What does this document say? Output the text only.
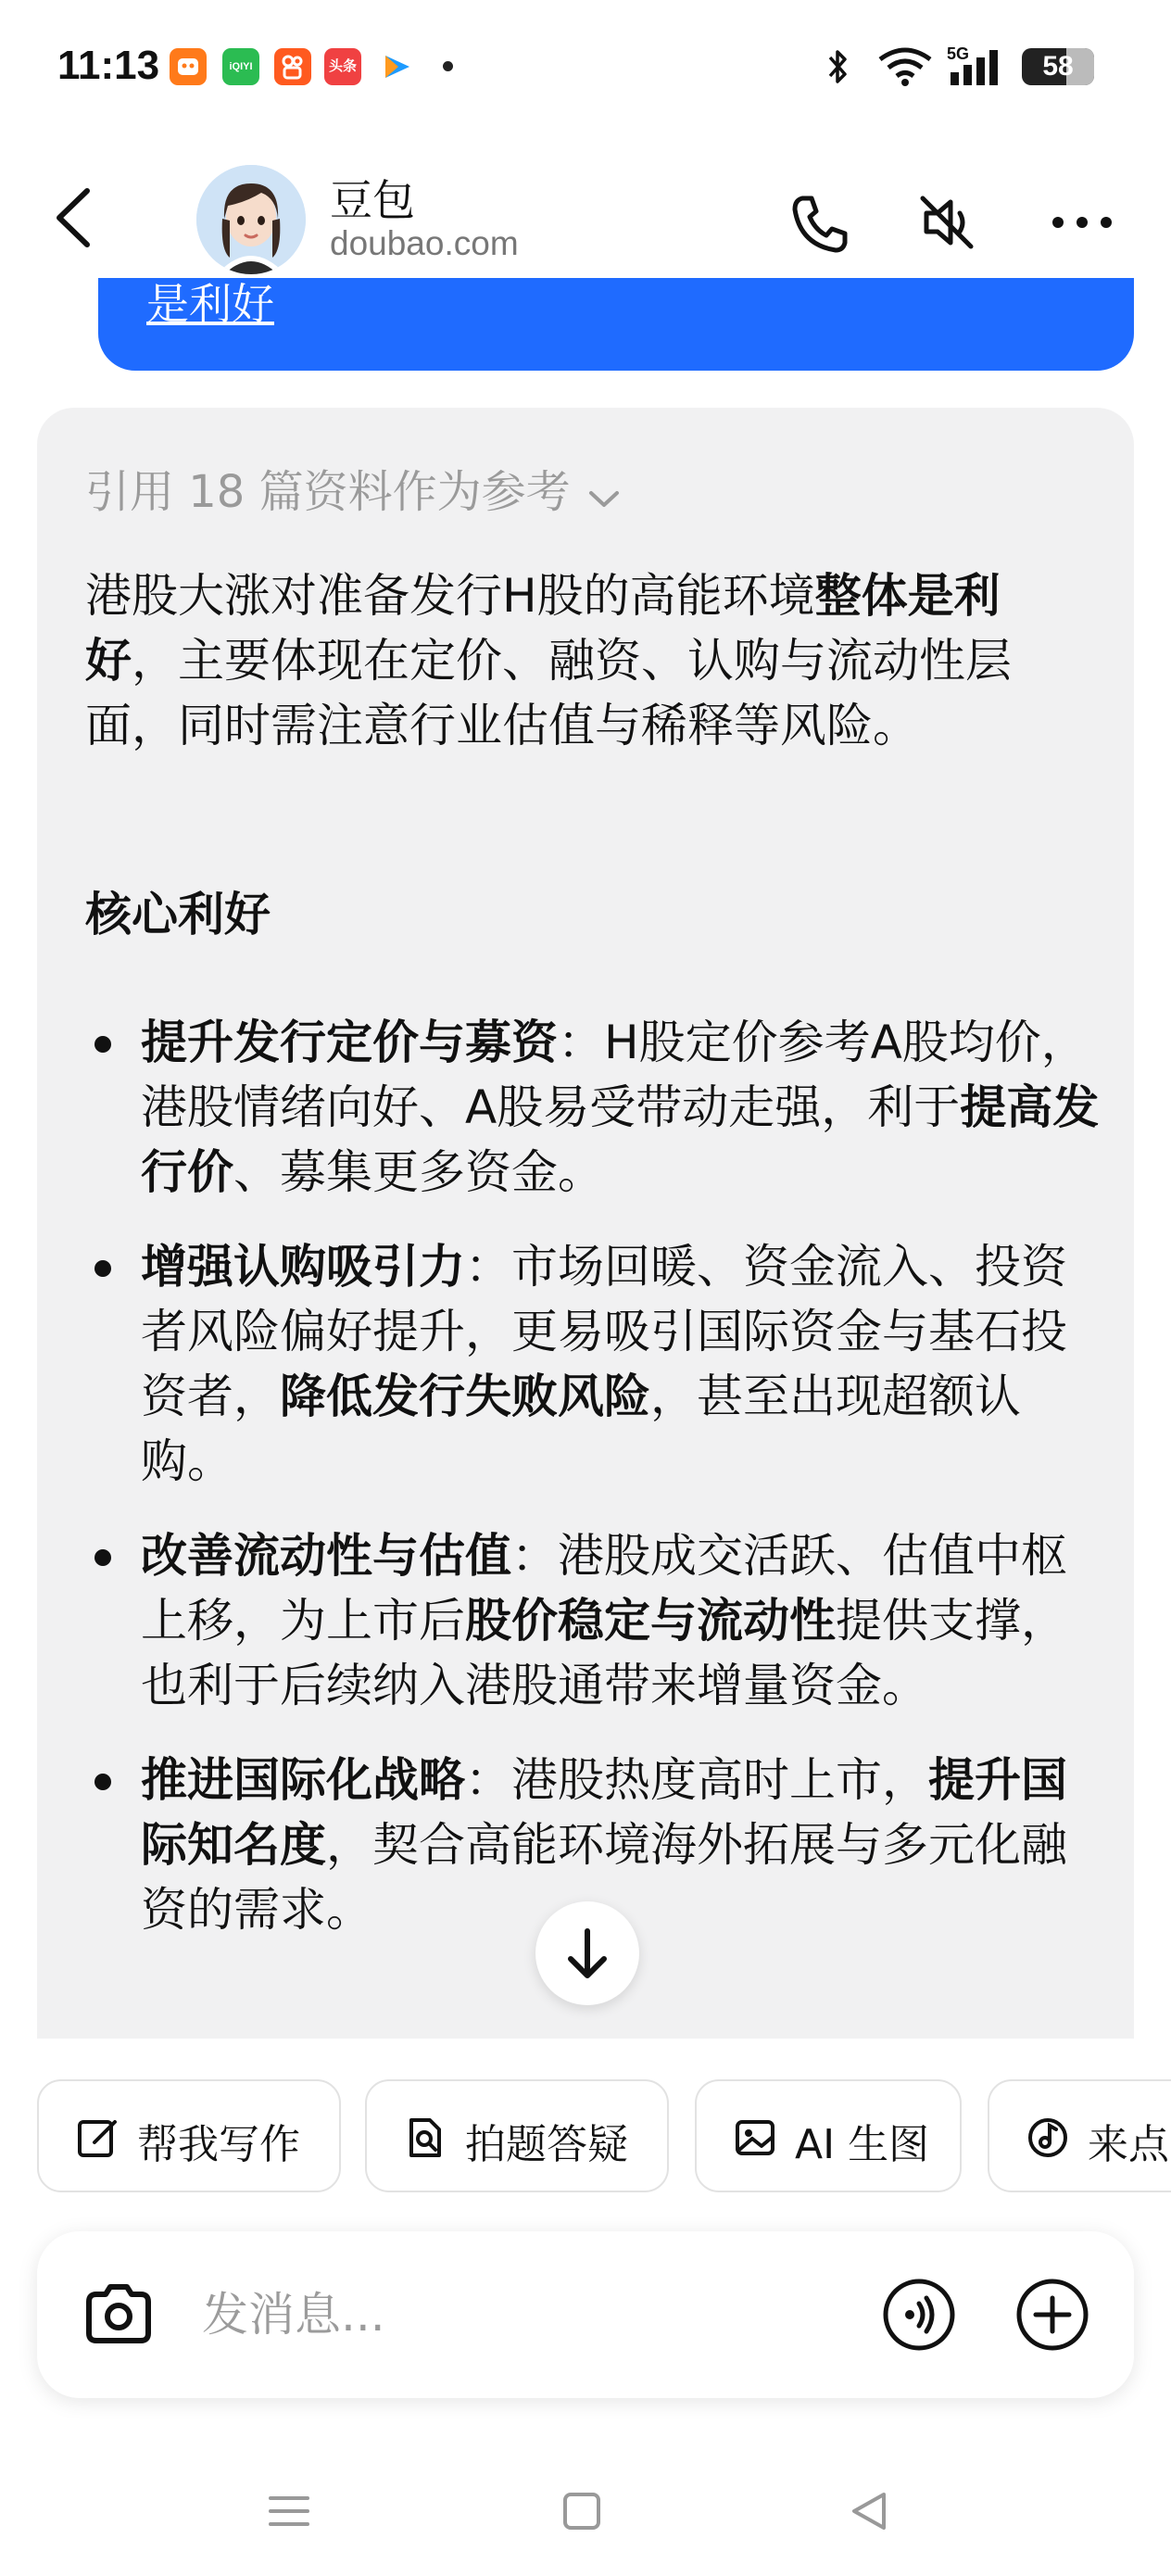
11:13	iQIYI	头条
5G	58
豆包
doubao.com
是利好
引用 18 篇资料作为参考
港股大涨对准备发行H股的高能环境整体是利好，主要体现在定价、融资、认购与流动性层面，同时需注意行业估值与稀释等风险。
核心利好
提升发行定价与募资：H股定价参考A股均价，港股情绪向好、A股易受带动走强，利于提高发行价、募集更多资金。
增强认购吸引力：市场回暖、资金流入、投资者风险偏好提升，更易吸引国际资金与基石投资者，降低发行失败风险，甚至出现超额认购。
改善流动性与估值：港股成交活跃、估值中枢上移，为上市后股价稳定与流动性提供支撑，也利于后续纳入港股通带来增量资金。
推进国际化战略：港股热度高时上市，提升国际知名度，契合高能环境海外拓展与多元化融资的需求。
帮我写作	拍题答疑	AI 生图	来点
发消息...
